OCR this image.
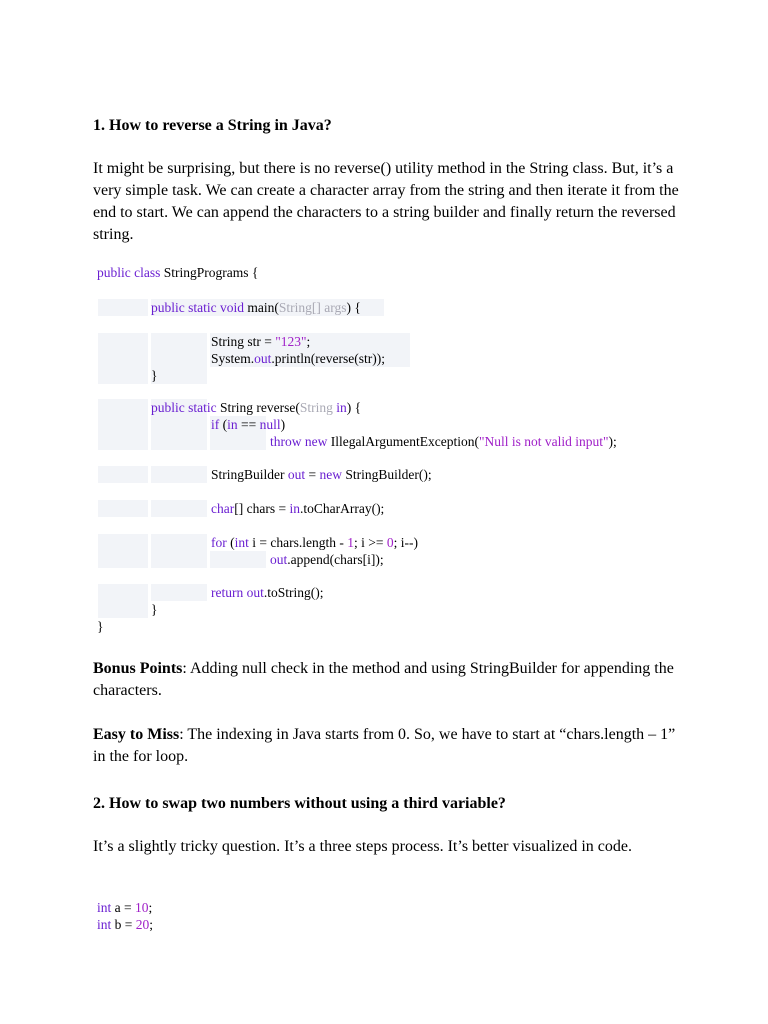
1. How to reverse a String in Java?

It might be surprising, but there is no reverse() utility method in the String class. But, it’s a very simple task. We can create a character array from the string and then iterate it from the end to start. We can append the characters to a string builder and finally return the reversed string.

public class StringPrograms {
public static void main(String[] args) {
String str = "123";
System.out.println(reverse(str));
}
public static String reverse(String in) {
if (in == null)
throw new IllegalArgumentException("Null is not valid input");
StringBuilder out = new StringBuilder();
char[] chars = in.toCharArray();
for (int i = chars.length - 1; i >= 0; i--)
out.append(chars[i]);
return out.toString();
}
}

Bonus Points: Adding null check in the method and using StringBuilder for appending the characters.

Easy to Miss: The indexing in Java starts from 0. So, we have to start at “chars.length – 1” in the for loop.

2. How to swap two numbers without using a third variable?

It’s a slightly tricky question. It’s a three steps process. It’s better visualized in code.

int a = 10;
int b = 20;
